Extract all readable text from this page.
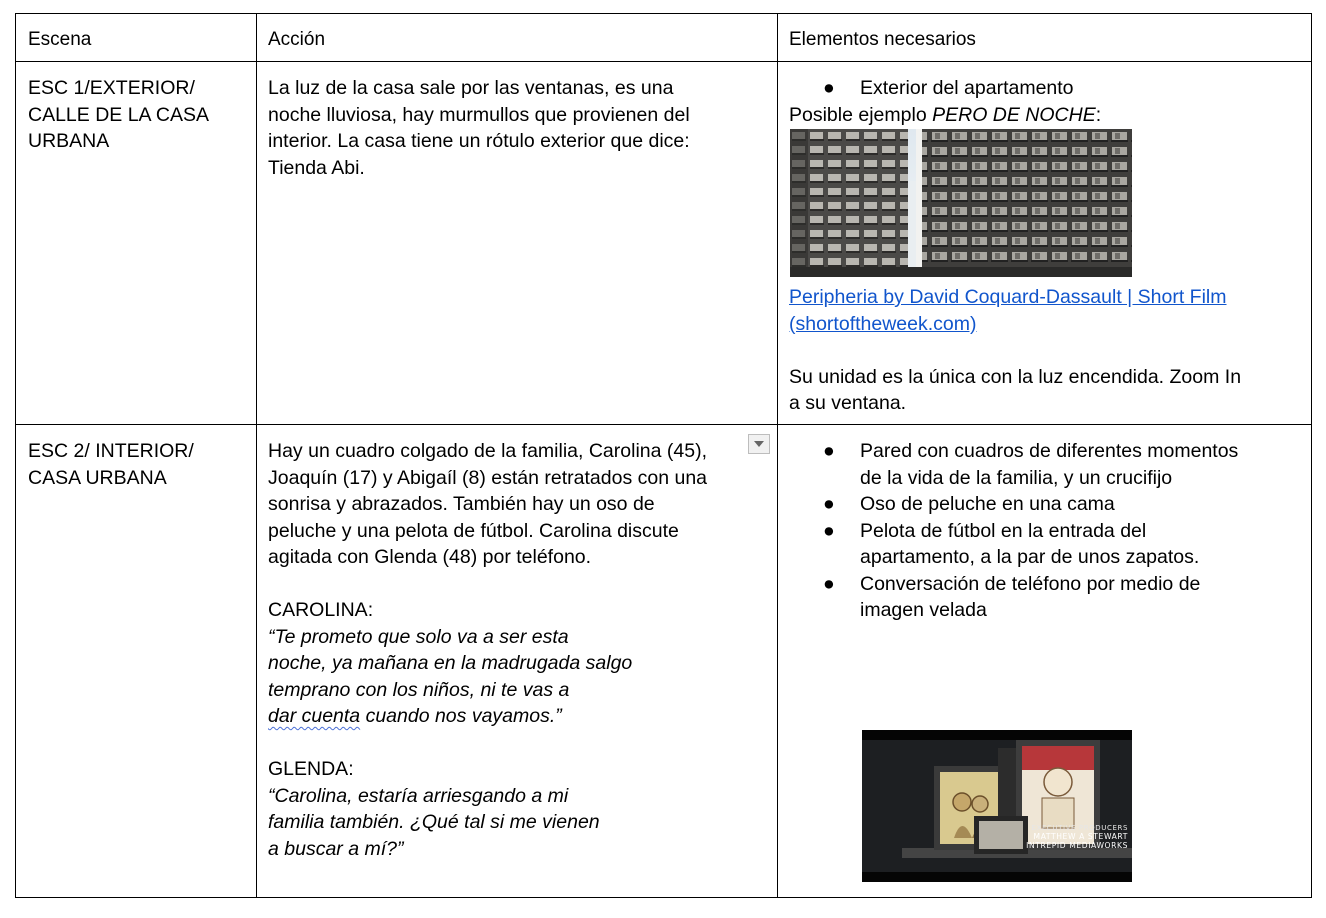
Escena	Acción	Elementos necesarios
ESC 1/EXTERIOR/
CALLE DE LA CASA
URBANA
La luz de la casa sale por las ventanas, es una
noche lluviosa, hay murmullos que provienen del
interior. La casa tiene un rótulo exterior que dice:
Tienda Abi.
● Exterior del apartamento
Posible ejemplo PERO DE NOCHE:
Peripheria by David Coquard-Dassault | Short Film
(shortoftheweek.com)
Su unidad es la única con la luz encendida. Zoom In
a su ventana.
ESC 2/ INTERIOR/
CASA URBANA
Hay un cuadro colgado de la familia, Carolina (45),
Joaquín (17) y Abigaíl (8) están retratados con una
sonrisa y abrazados. También hay un oso de
peluche y una pelota de fútbol. Carolina discute
agitada con Glenda (48) por teléfono.
CAROLINA:
“Te prometo que solo va a ser esta
noche, ya mañana en la madrugada salgo
temprano con los niños, ni te vas a
dar cuenta cuando nos vayamos.”
GLENDA:
“Carolina, estaría arriesgando a mi
familia también. ¿Qué tal si me vienen
a buscar a mí?”
● Pared con cuadros de diferentes momentos
de la vida de la familia, y un crucifijo
● Oso de peluche en una cama
● Pelota de fútbol en la entrada del
apartamento, a la par de unos zapatos.
● Conversación de teléfono por medio de
imagen velada
EXECUTIVE PRODUCERS
MATTHEW A STEWART
INTREPID MEDIAWORKS
